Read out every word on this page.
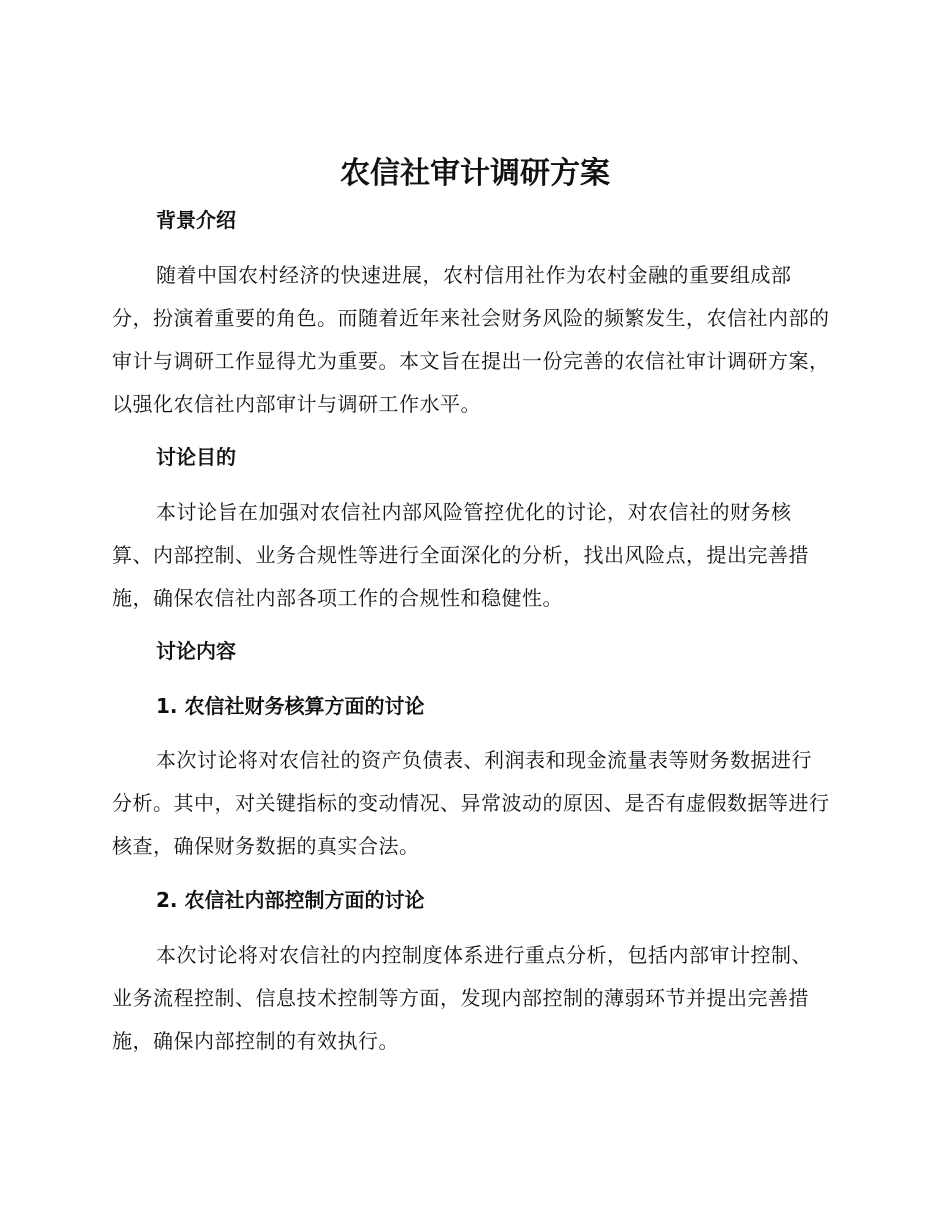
农信社审计调研方案
背景介绍

随着中国农村经济的快速进展，农村信用社作为农村金融的重要组成部分，扮演着重要的角色。而随着近年来社会财务风险的频繁发生，农信社内部的审计与调研工作显得尤为重要。本文旨在提出一份完善的农信社审计调研方案，以强化农信社内部审计与调研工作水平。

讨论目的

本讨论旨在加强对农信社内部风险管控优化的讨论，对农信社的财务核算、内部控制、业务合规性等进行全面深化的分析，找出风险点，提出完善措施，确保农信社内部各项工作的合规性和稳健性。

讨论内容
1. 农信社财务核算方面的讨论

本次讨论将对农信社的资产负债表、利润表和现金流量表等财务数据进行分析。其中，对关键指标的变动情况、异常波动的原因、是否有虚假数据等进行核查，确保财务数据的真实合法。

2. 农信社内部控制方面的讨论

本次讨论将对农信社的内控制度体系进行重点分析，包括内部审计控制、业务流程控制、信息技术控制等方面，发现内部控制的薄弱环节并提出完善措施，确保内部控制的有效执行。
